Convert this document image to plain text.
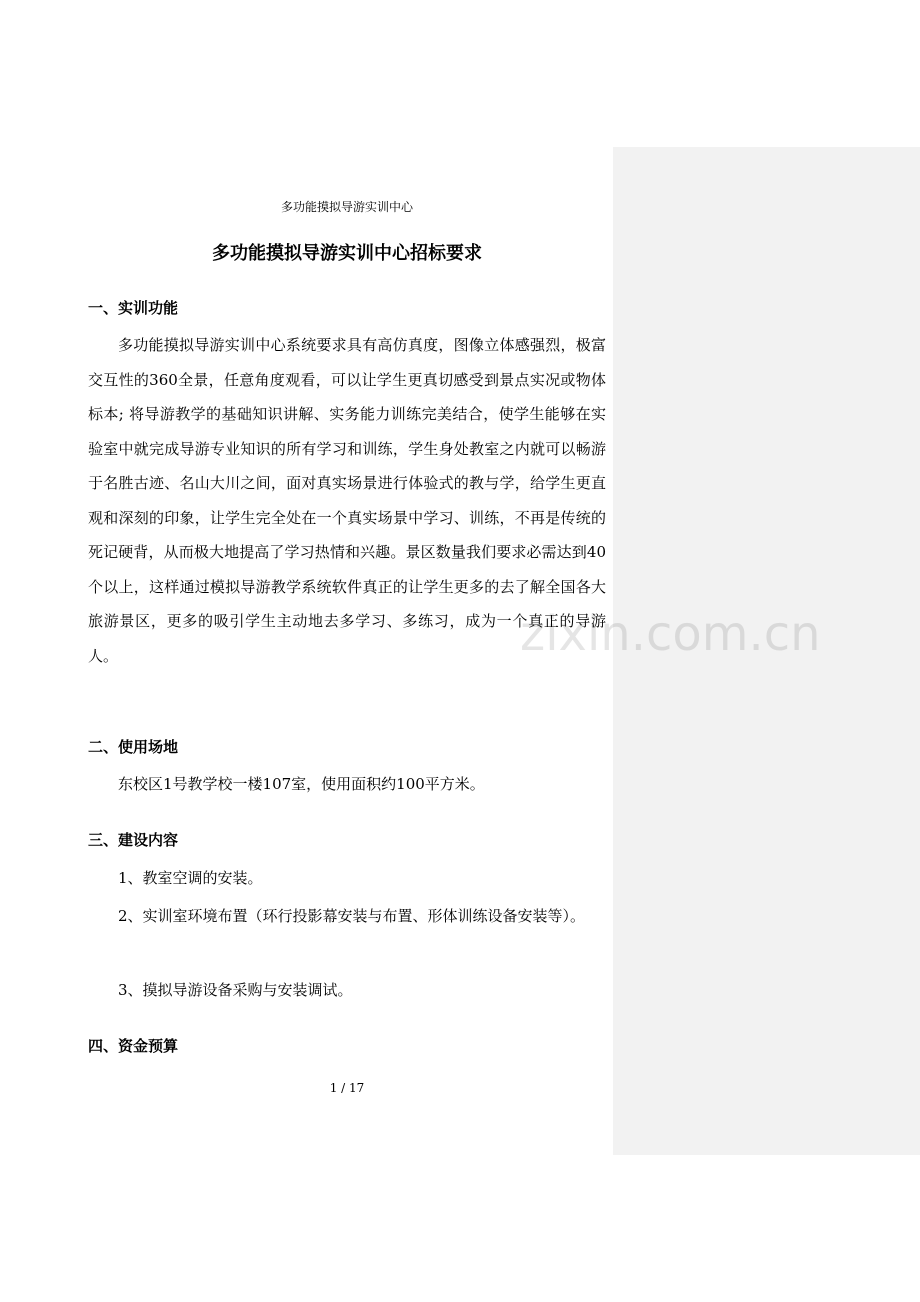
多功能摸拟导游实训中心
多功能摸拟导游实训中心招标要求
一、实训功能

多功能摸拟导游实训中心系统要求具有高仿真度，图像立体感强烈，极富交互性的360全景，任意角度观看，可以让学生更真切感受到景点实况或物体标本; 将导游教学的基础知识讲解、实务能力训练完美结合，使学生能够在实验室中就完成导游专业知识的所有学习和训练，学生身处教室之内就可以畅游于名胜古迹、名山大川之间，面对真实场景进行体验式的教与学，给学生更直观和深刻的印象，让学生完全处在一个真实场景中学习、训练，不再是传统的死记硬背，从而极大地提高了学习热情和兴趣。景区数量我们要求必需达到40个以上，这样通过模拟导游教学系统软件真正的让学生更多的去了解全国各大旅游景区，更多的吸引学生主动地去多学习、多练习，成为一个真正的导游人。

二、使用场地
东校区1号教学校一楼107室，使用面积约100平方米。
三、建设内容
1、教室空调的安装。

2、实训室环境布置（环行投影幕安装与布置、形体训练设备安装等）。

3、摸拟导游设备采购与安装调试。
四、资金预算
1 / 17
